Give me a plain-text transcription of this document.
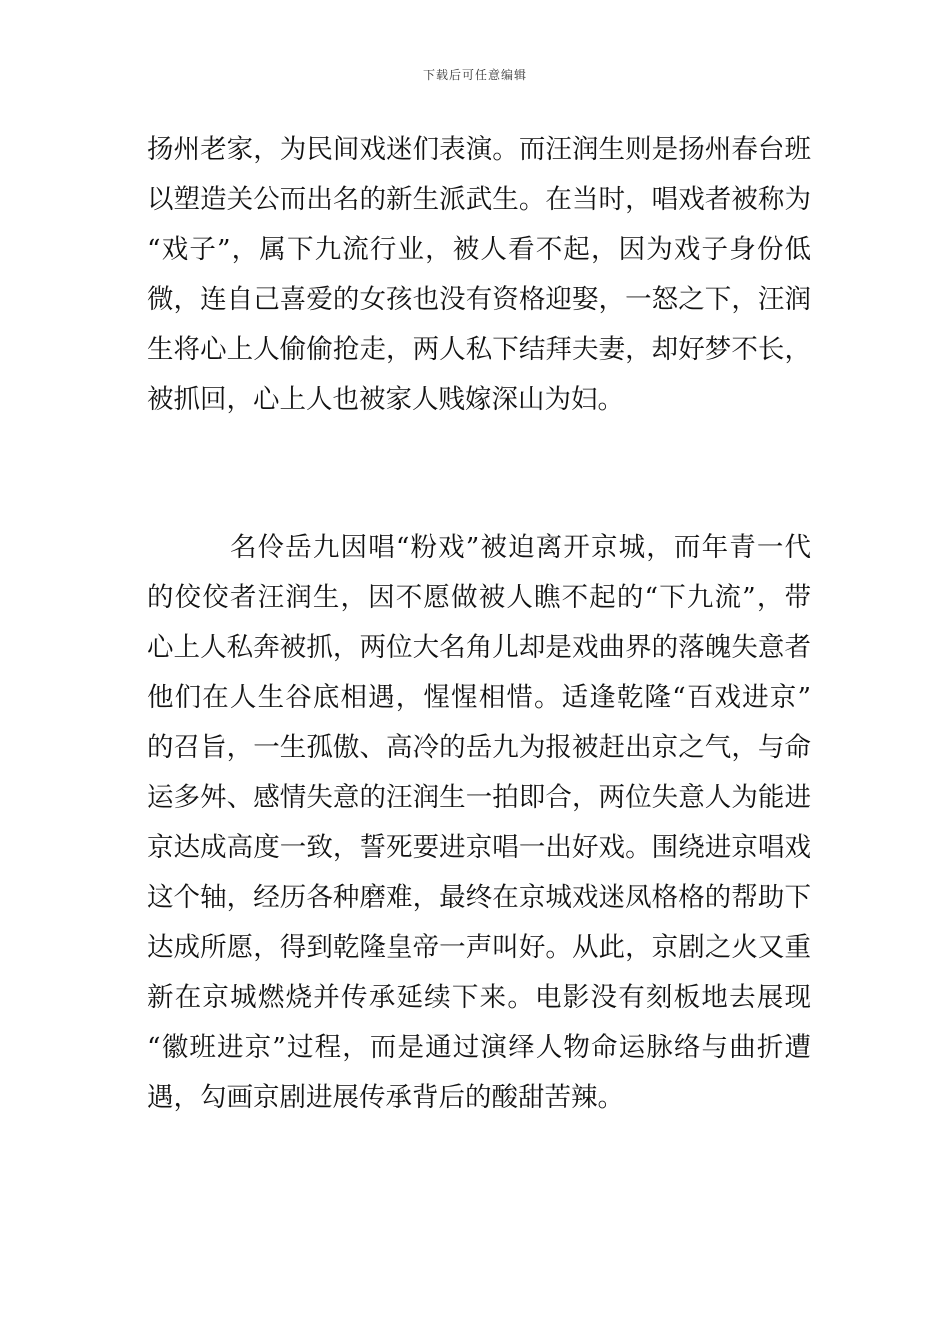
下载后可任意编辑
扬州老家，为民间戏迷们表演。而汪润生则是扬州春台班
以塑造关公而出名的新生派武生。在当时，唱戏者被称为
“戏子”，属下九流行业，被人看不起，因为戏子身份低
微，连自己喜爱的女孩也没有资格迎娶，一怒之下，汪润
生将心上人偷偷抢走，两人私下结拜夫妻，却好梦不长，
被抓回，心上人也被家人贱嫁深山为妇。
名伶岳九因唱“粉戏”被迫离开京城，而年青一代
的佼佼者汪润生，因不愿做被人瞧不起的“下九流”，带
心上人私奔被抓，两位大名角儿却是戏曲界的落魄失意者
他们在人生谷底相遇，惺惺相惜。适逢乾隆“百戏进京”
的召旨，一生孤傲、高冷的岳九为报被赶出京之气，与命
运多舛、感情失意的汪润生一拍即合，两位失意人为能进
京达成高度一致，誓死要进京唱一出好戏。围绕进京唱戏
这个轴，经历各种磨难，最终在京城戏迷凤格格的帮助下
达成所愿，得到乾隆皇帝一声叫好。从此，京剧之火又重
新在京城燃烧并传承延续下来。电影没有刻板地去展现
“徽班进京”过程，而是通过演绎人物命运脉络与曲折遭
遇，勾画京剧进展传承背后的酸甜苦辣。
